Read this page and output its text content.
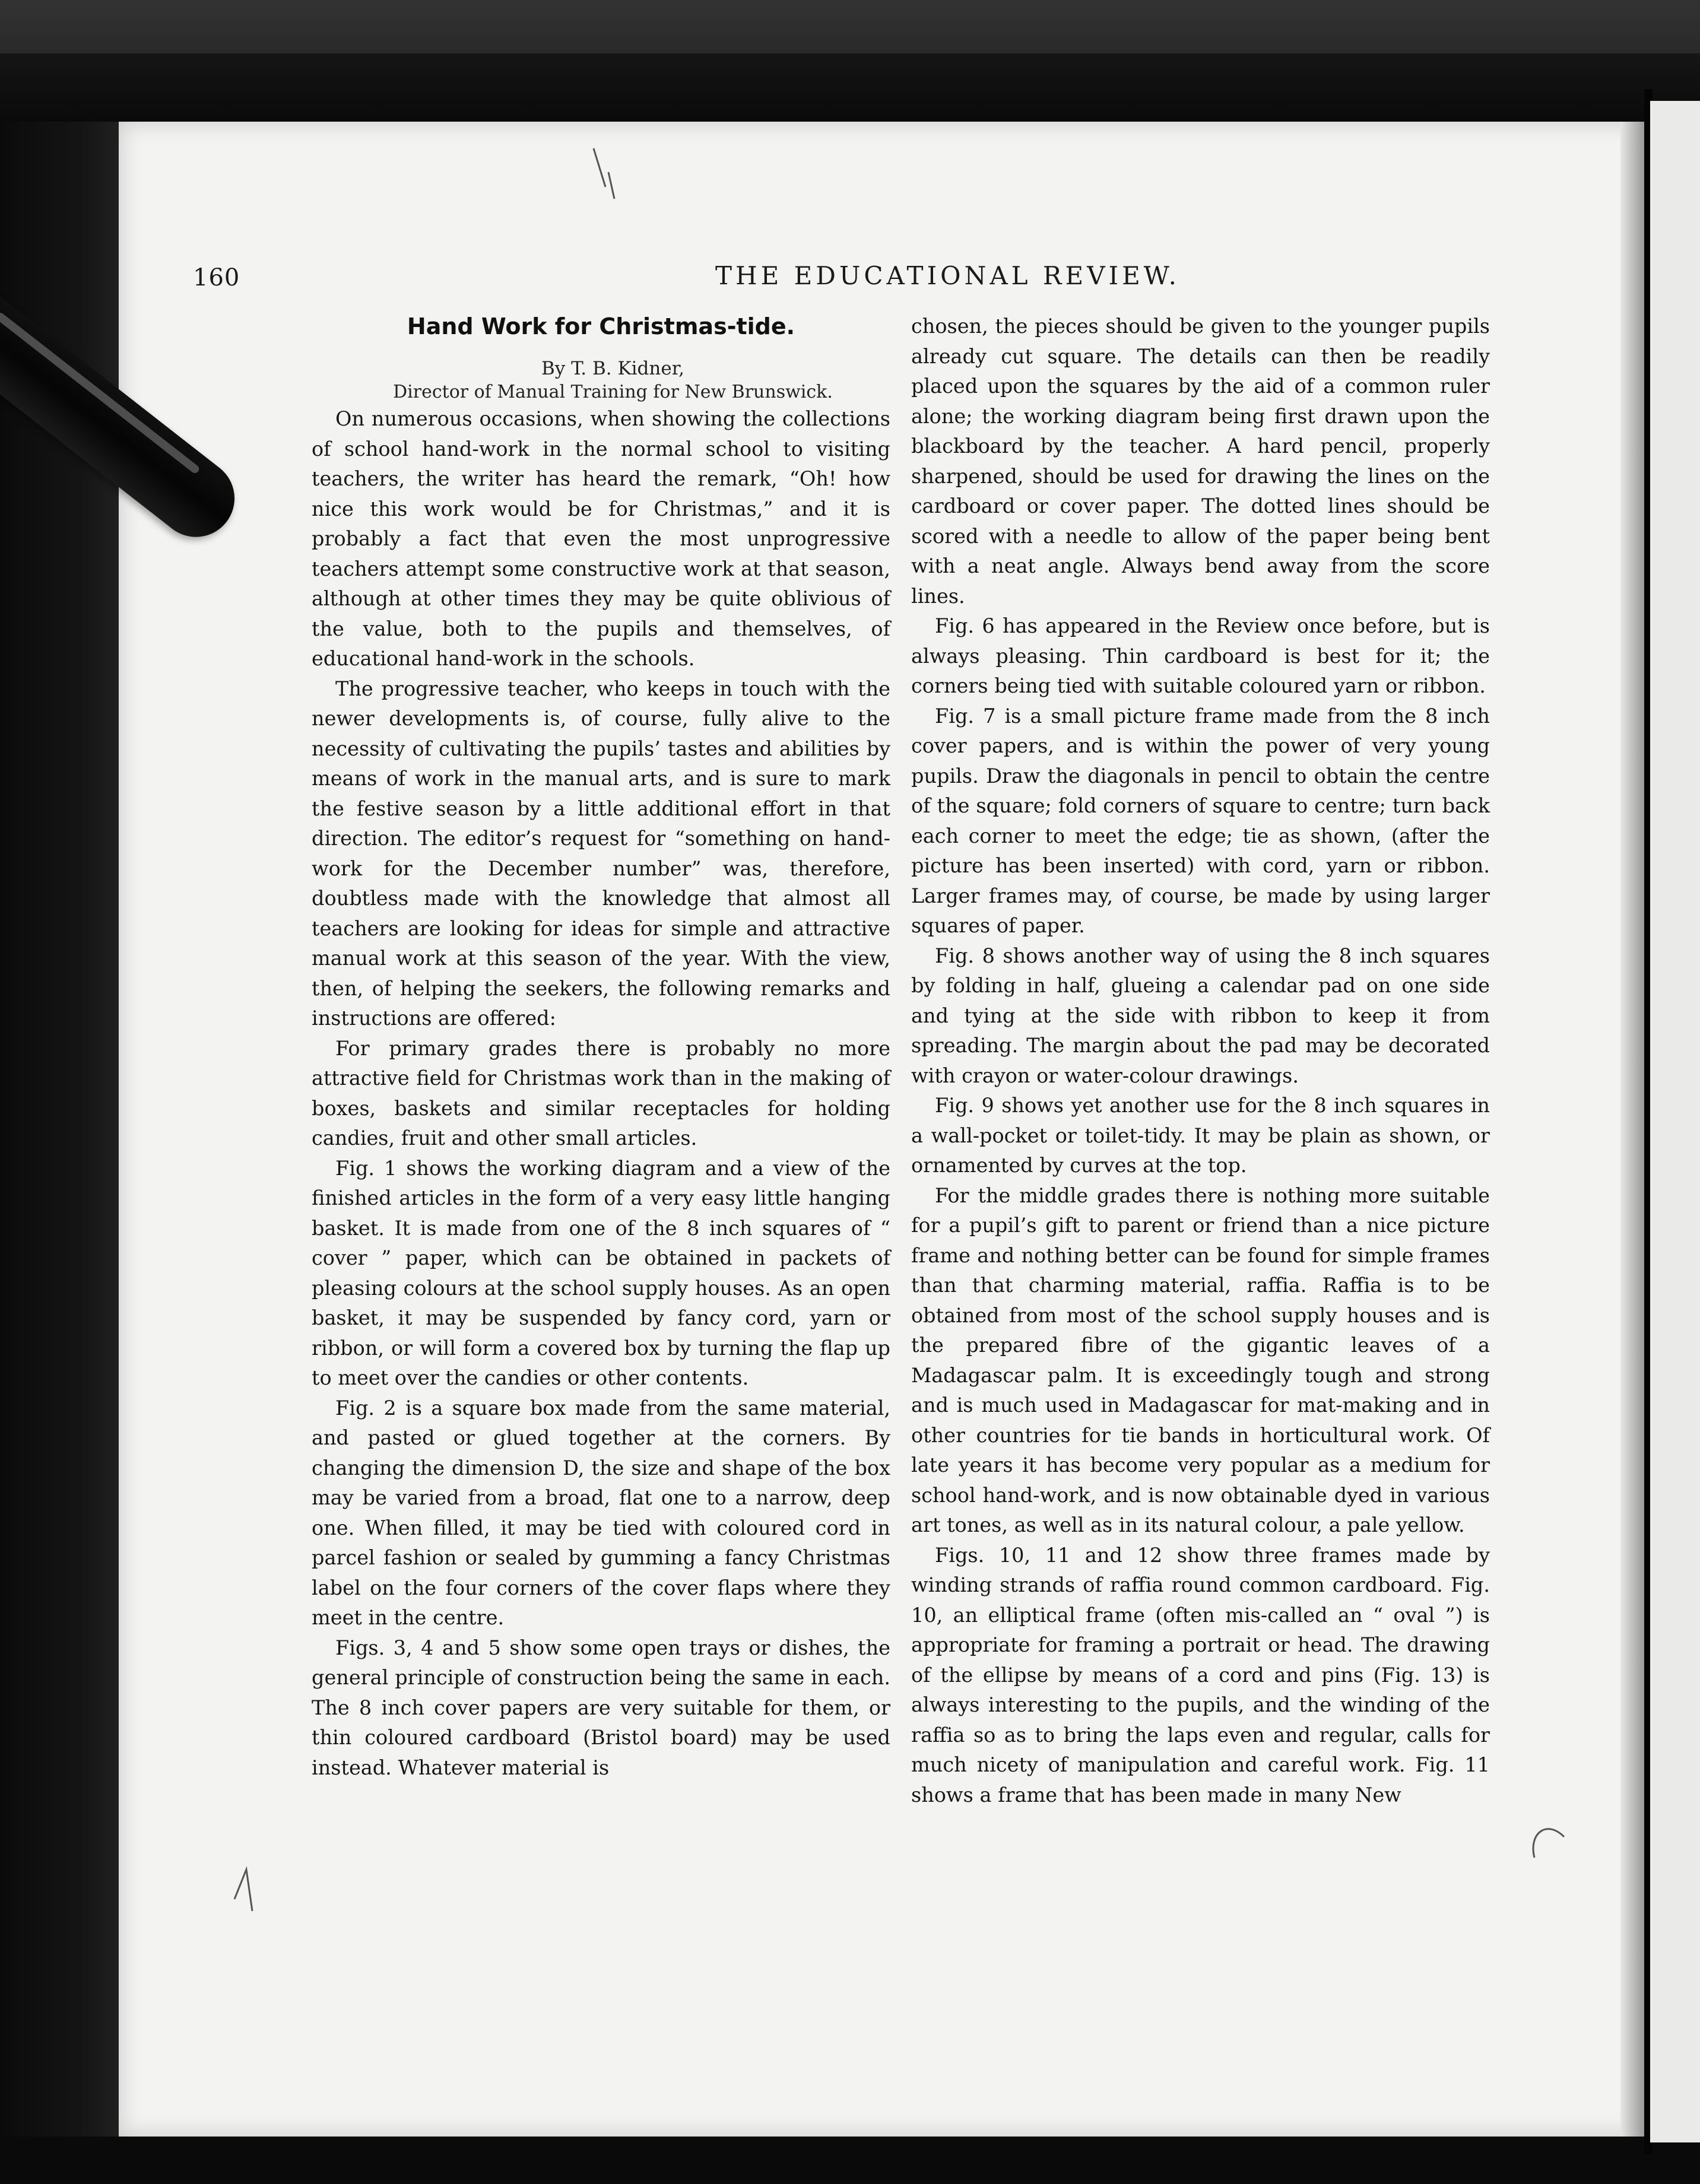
160	THE EDUCATIONAL REVIEW.
Hand Work for Christmas-tide.

By T. B. Kidner,

Director of Manual Training for New Brunswick.

On numerous occasions, when showing the collections of school hand-work in the normal school to visiting teachers, the writer has heard the remark, “Oh! how nice this work would be for Christmas,” and it is probably a fact that even the most unprogressive teachers attempt some constructive work at that season, although at other times they may be quite oblivious of the value, both to the pupils and themselves, of educational hand-work in the schools.

The progressive teacher, who keeps in touch with the newer developments is, of course, fully alive to the necessity of cultivating the pupils’ tastes and abilities by means of work in the manual arts, and is sure to mark the festive season by a little additional effort in that direction. The editor’s request for “something on hand-work for the December number” was, therefore, doubtless made with the knowledge that almost all teachers are looking for ideas for simple and attractive manual work at this season of the year. With the view, then, of helping the seekers, the following remarks and instructions are offered:

For primary grades there is probably no more attractive field for Christmas work than in the making of boxes, baskets and similar receptacles for holding candies, fruit and other small articles.

Fig. 1 shows the working diagram and a view of the finished articles in the form of a very easy little hanging basket. It is made from one of the 8 inch squares of “ cover ” paper, which can be obtained in packets of pleasing colours at the school supply houses. As an open basket, it may be suspended by fancy cord, yarn or ribbon, or will form a covered box by turning the flap up to meet over the candies or other contents.

Fig. 2 is a square box made from the same material, and pasted or glued together at the corners. By changing the dimension D, the size and shape of the box may be varied from a broad, flat one to a narrow, deep one. When filled, it may be tied with coloured cord in parcel fashion or sealed by gumming a fancy Christmas label on the four corners of the cover flaps where they meet in the centre.

Figs. 3, 4 and 5 show some open trays or dishes, the general principle of construction being the same in each. The 8 inch cover papers are very suitable for them, or thin coloured cardboard (Bristol board) may be used instead. Whatever material is

chosen, the pieces should be given to the younger pupils already cut square. The details can then be readily placed upon the squares by the aid of a common ruler alone; the working diagram being first drawn upon the blackboard by the teacher. A hard pencil, properly sharpened, should be used for drawing the lines on the cardboard or cover paper. The dotted lines should be scored with a needle to allow of the paper being bent with a neat angle. Always bend away from the score lines.

Fig. 6 has appeared in the Review once before, but is always pleasing. Thin cardboard is best for it; the corners being tied with suitable coloured yarn or ribbon.

Fig. 7 is a small picture frame made from the 8 inch cover papers, and is within the power of very young pupils. Draw the diagonals in pencil to obtain the centre of the square; fold corners of square to centre; turn back each corner to meet the edge; tie as shown, (after the picture has been inserted) with cord, yarn or ribbon. Larger frames may, of course, be made by using larger squares of paper.

Fig. 8 shows another way of using the 8 inch squares by folding in half, glueing a calendar pad on one side and tying at the side with ribbon to keep it from spreading. The margin about the pad may be decorated with crayon or water-colour drawings.

Fig. 9 shows yet another use for the 8 inch squares in a wall-pocket or toilet-tidy. It may be plain as shown, or ornamented by curves at the top.

For the middle grades there is nothing more suitable for a pupil’s gift to parent or friend than a nice picture frame and nothing better can be found for simple frames than that charming material, raffia. Raffia is to be obtained from most of the school supply houses and is the prepared fibre of the gigantic leaves of a Madagascar palm. It is exceedingly tough and strong and is much used in Madagascar for mat-making and in other countries for tie bands in horticultural work. Of late years it has become very popular as a medium for school hand-work, and is now obtainable dyed in various art tones, as well as in its natural colour, a pale yellow.

Figs. 10, 11 and 12 show three frames made by winding strands of raffia round common cardboard. Fig. 10, an elliptical frame (often mis-called an “ oval ”) is appropriate for framing a portrait or head. The drawing of the ellipse by means of a cord and pins (Fig. 13) is always interesting to the pupils, and the winding of the raffia so as to bring the laps even and regular, calls for much nicety of manipulation and careful work. Fig. 11 shows a frame that has been made in many New
